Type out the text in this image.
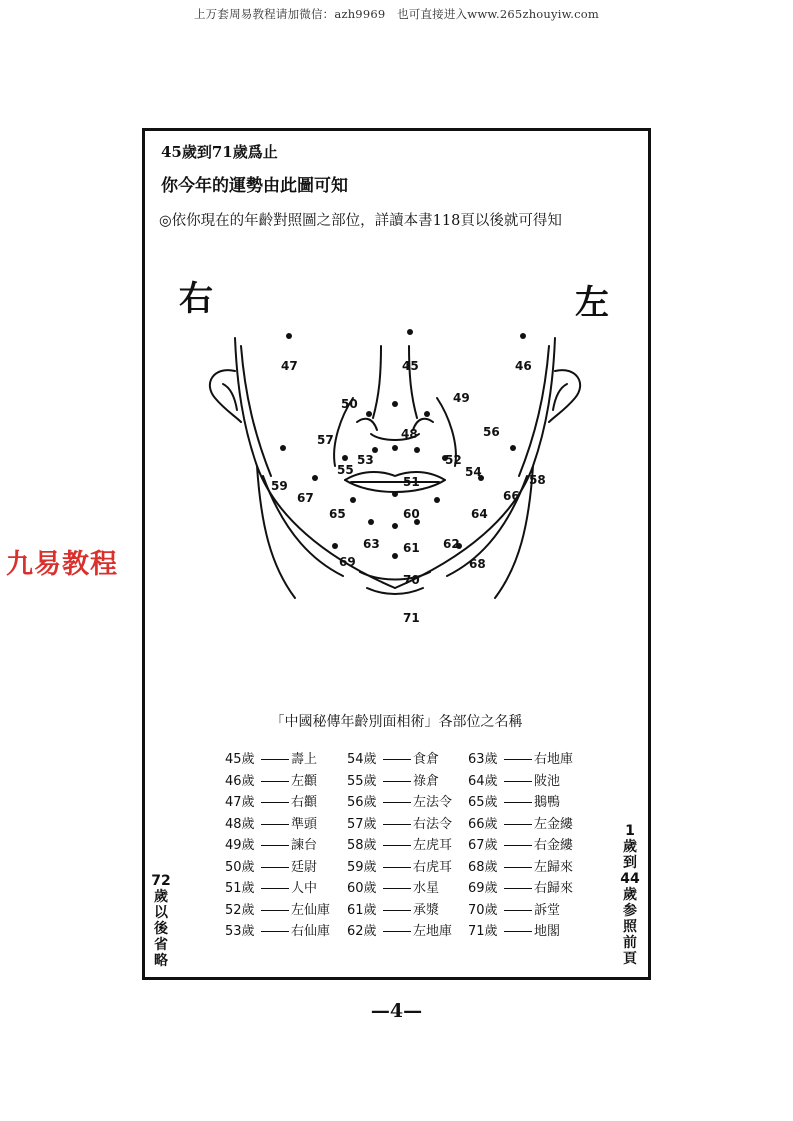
上万套周易教程请加微信：azh9969　也可直接进入www.265zhouyiw.com
九易教程
45歲到71歲爲止
你今年的運勢由此圖可知
◎依你現在的年齡對照圖之部位，詳讀本書118頁以後就可得知
右	左
45	46
47
48
49
50
51
52
53
54
55
56
57
58
59
60
61 62
63
64
65
66
67
68
69
70
71
「中國秘傳年齡別面相術」各部位之名稱
45歲	壽上
46歲	左顴
47歲	右顴
48歲	準頭
49歲	諫台
50歲	廷尉
51歲	人中
52歲	左仙庫
53歲	右仙庫
54歲	食倉
55歲	祿倉
56歲	左法令
57歲	右法令
58歲	左虎耳
59歲	右虎耳
60歲	水星
61歲	承漿
62歲	左地庫
63歲	右地庫
64歲	陂池
65歲	鵝鴨
66歲	左金縷
67歲	右金縷
68歲	左歸來
69歲	右歸來
70歲	訴堂
71歲	地閣
72歲以後省略
1歲到44歲参照前頁
—4—
